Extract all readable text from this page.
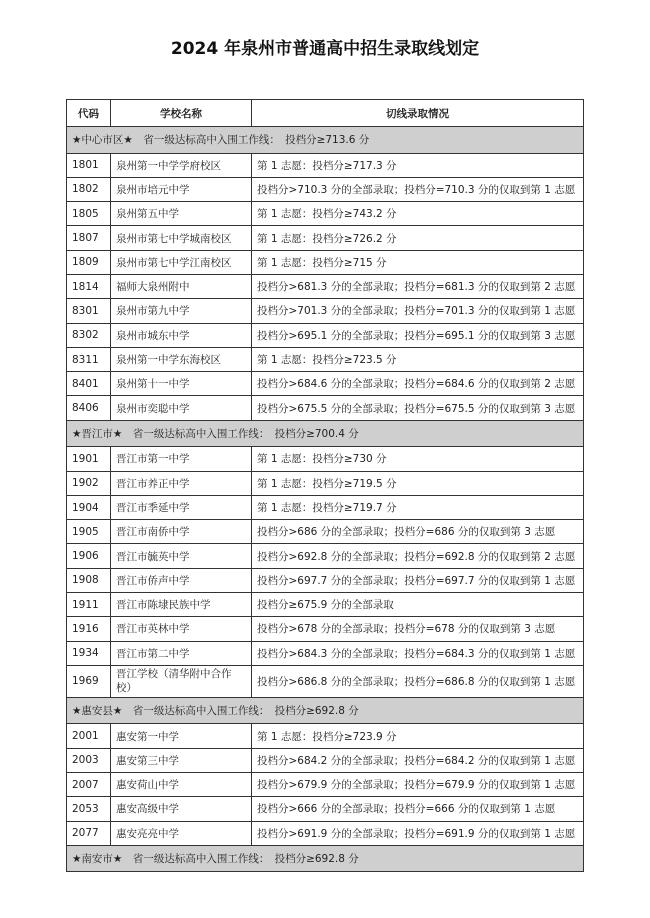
2024 年泉州市普通高中招生录取线划定
代码	学校名称	切线录取情况
★中心市区★　省一级达标高中入围工作线：　投档分≥713.6 分		
1801	泉州第一中学学府校区	第 1 志愿：投档分≥717.3 分
1802	泉州市培元中学	投档分>710.3 分的全部录取；投档分=710.3 分的仅取到第 1 志愿
1805	泉州第五中学	第 1 志愿：投档分≥743.2 分
1807	泉州市第七中学城南校区	第 1 志愿：投档分≥726.2 分
1809	泉州市第七中学江南校区	第 1 志愿：投档分≥715 分
1814	福师大泉州附中	投档分>681.3 分的全部录取；投档分=681.3 分的仅取到第 2 志愿
8301	泉州市第九中学	投档分>701.3 分的全部录取；投档分=701.3 分的仅取到第 1 志愿
8302	泉州市城东中学	投档分>695.1 分的全部录取；投档分=695.1 分的仅取到第 3 志愿
8311	泉州第一中学东海校区	第 1 志愿：投档分≥723.5 分
8401	泉州第十一中学	投档分>684.6 分的全部录取；投档分=684.6 分的仅取到第 2 志愿
8406	泉州市奕聪中学	投档分>675.5 分的全部录取；投档分=675.5 分的仅取到第 3 志愿
★晋江市★　省一级达标高中入围工作线：　投档分≥700.4 分		
1901	晋江市第一中学	第 1 志愿：投档分≥730 分
1902	晋江市养正中学	第 1 志愿：投档分≥719.5 分
1904	晋江市季延中学	第 1 志愿：投档分≥719.7 分
1905	晋江市南侨中学	投档分>686 分的全部录取；投档分=686 分的仅取到第 3 志愿
1906	晋江市毓英中学	投档分>692.8 分的全部录取；投档分=692.8 分的仅取到第 2 志愿
1908	晋江市侨声中学	投档分>697.7 分的全部录取；投档分=697.7 分的仅取到第 1 志愿
1911	晋江市陈埭民族中学	投档分≥675.9 分的全部录取
1916	晋江市英林中学	投档分>678 分的全部录取；投档分=678 分的仅取到第 3 志愿
1934	晋江市第二中学	投档分>684.3 分的全部录取；投档分=684.3 分的仅取到第 1 志愿
1969	晋江学校（清华附中合作校）	投档分>686.8 分的全部录取；投档分=686.8 分的仅取到第 1 志愿
★惠安县★　省一级达标高中入围工作线：　投档分≥692.8 分		
2001	惠安第一中学	第 1 志愿：投档分≥723.9 分
2003	惠安第三中学	投档分>684.2 分的全部录取；投档分=684.2 分的仅取到第 1 志愿
2007	惠安荷山中学	投档分>679.9 分的全部录取；投档分=679.9 分的仅取到第 1 志愿
2053	惠安高级中学	投档分>666 分的全部录取；投档分=666 分的仅取到第 1 志愿
2077	惠安亮亮中学	投档分>691.9 分的全部录取；投档分=691.9 分的仅取到第 1 志愿
★南安市★　省一级达标高中入围工作线：　投档分≥692.8 分		
